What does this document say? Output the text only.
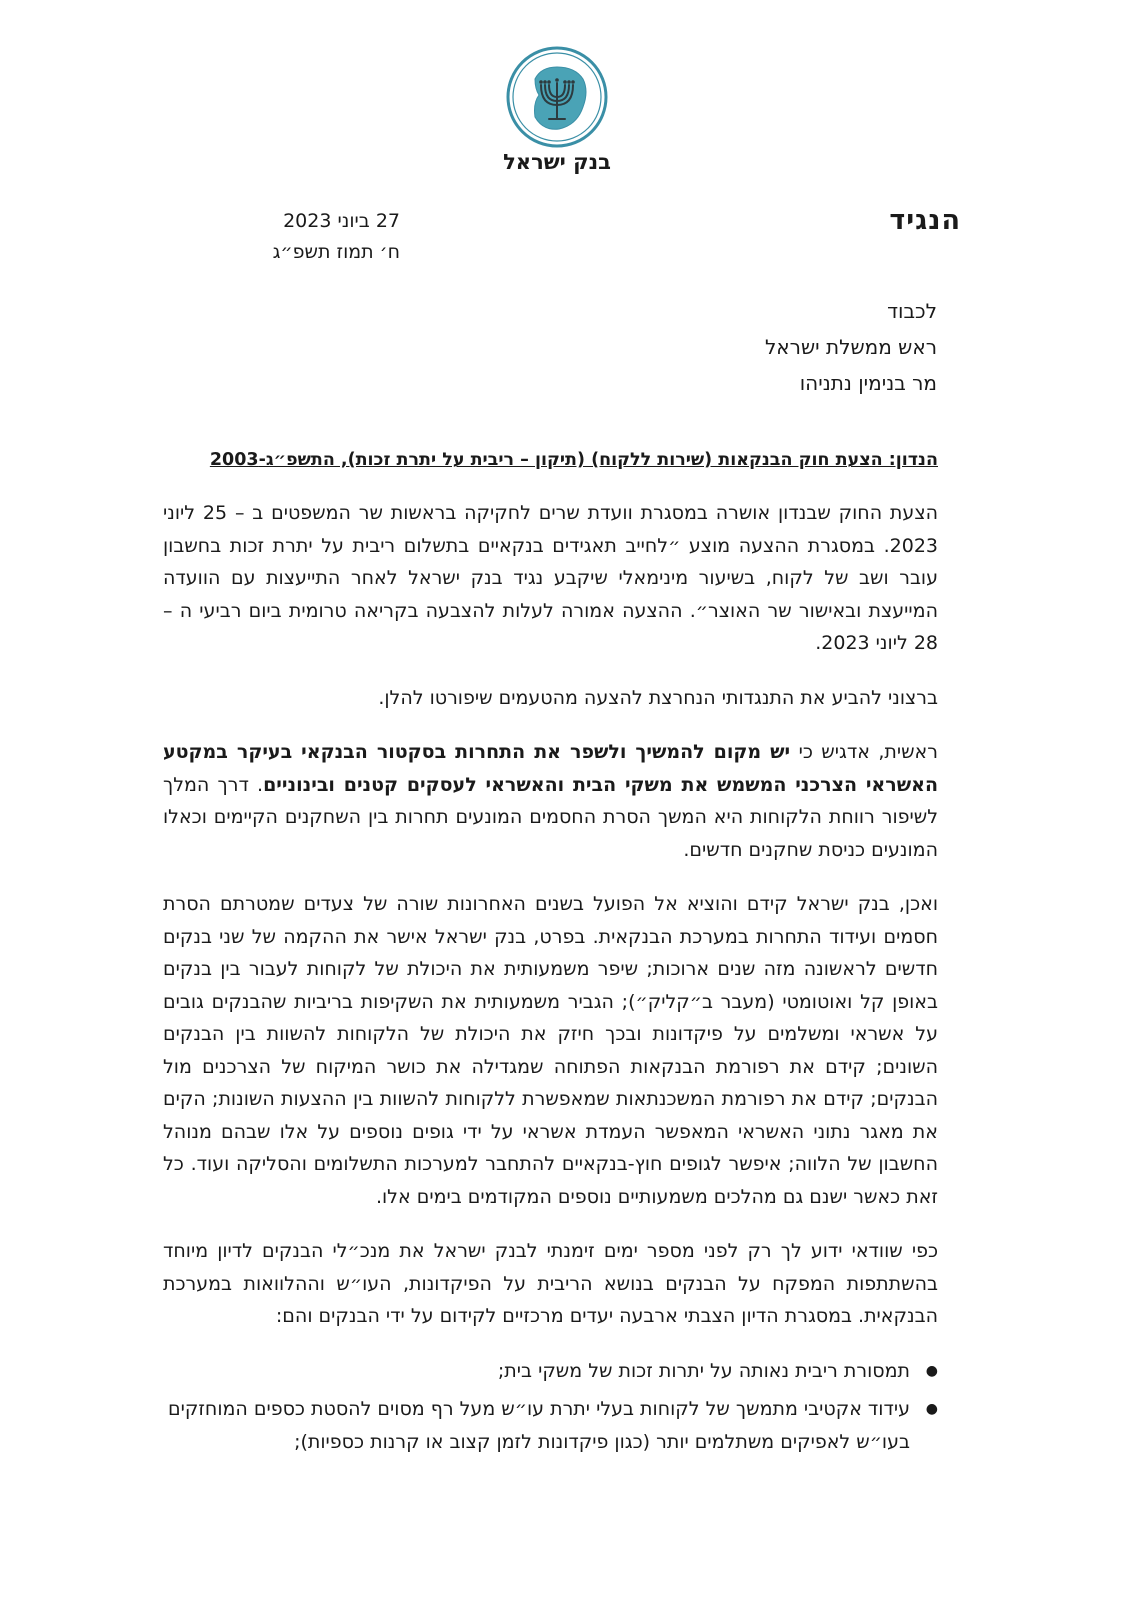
בנק ישראל
הנגיד
27 ביוני 2023
ח׳ תמוז תשפ״ג
לכבוד
ראש ממשלת ישראל
מר בנימין נתניהו
הנדון: הצעת חוק הבנקאות (שירות ללקוח) (תיקון – ריבית על יתרת זכות), התשפ״ג-2003

הצעת החוק שבנדון אושרה במסגרת וועדת שרים לחקיקה בראשות שר המשפטים ב – 25 ליוני 2023. במסגרת ההצעה מוצע ״לחייב תאגידים בנקאיים בתשלום ריבית על יתרת זכות בחשבון עובר ושב של לקוח, בשיעור מינימאלי שיקבע נגיד בנק ישראל לאחר התייעצות עם הוועדה המייעצת ובאישור שר האוצר״. ההצעה אמורה לעלות להצבעה בקריאה טרומית ביום רביעי ה – 28 ליוני 2023.

ברצוני להביע את התנגדותי הנחרצת להצעה מהטעמים שיפורטו להלן.

ראשית, אדגיש כי יש מקום להמשיך ולשפר את התחרות בסקטור הבנקאי בעיקר במקטע האשראי הצרכני המשמש את משקי הבית והאשראי לעסקים קטנים ובינוניים. דרך המלך לשיפור רווחת הלקוחות היא המשך הסרת החסמים המונעים תחרות בין השחקנים הקיימים וכאלו המונעים כניסת שחקנים חדשים.

ואכן, בנק ישראל קידם והוציא אל הפועל בשנים האחרונות שורה של צעדים שמטרתם הסרת חסמים ועידוד התחרות במערכת הבנקאית. בפרט, בנק ישראל אישר את ההקמה של שני בנקים חדשים לראשונה מזה שנים ארוכות; שיפר משמעותית את היכולת של לקוחות לעבור בין בנקים באופן קל ואוטומטי (מעבר ב״קליק״); הגביר משמעותית את השקיפות בריביות שהבנקים גובים על אשראי ומשלמים על פיקדונות ובכך חיזק את היכולת של הלקוחות להשוות בין הבנקים השונים; קידם את רפורמת הבנקאות הפתוחה שמגדילה את כושר המיקוח של הצרכנים מול הבנקים; קידם את רפורמת המשכנתאות שמאפשרת ללקוחות להשוות בין ההצעות השונות; הקים את מאגר נתוני האשראי המאפשר העמדת אשראי על ידי גופים נוספים על אלו שבהם מנוהל החשבון של הלווה; איפשר לגופים חוץ-בנקאיים להתחבר למערכות התשלומים והסליקה ועוד. כל זאת כאשר ישנם גם מהלכים משמעותיים נוספים המקודמים בימים אלו.

כפי שוודאי ידוע לך רק לפני מספר ימים זימנתי לבנק ישראל את מנכ״לי הבנקים לדיון מיוחד בהשתתפות המפקח על הבנקים בנושא הריבית על הפיקדונות, העו״ש וההלוואות במערכת הבנקאית. במסגרת הדיון הצבתי ארבעה יעדים מרכזיים לקידום על ידי הבנקים והם:

●
תמסורת ריבית נאותה על יתרות זכות של משקי בית;
●
עידוד אקטיבי מתמשך של לקוחות בעלי יתרת עו״ש מעל רף מסוים להסטת כספים המוחזקים בעו״ש לאפיקים משתלמים יותר (כגון פיקדונות לזמן קצוב או קרנות כספיות);
